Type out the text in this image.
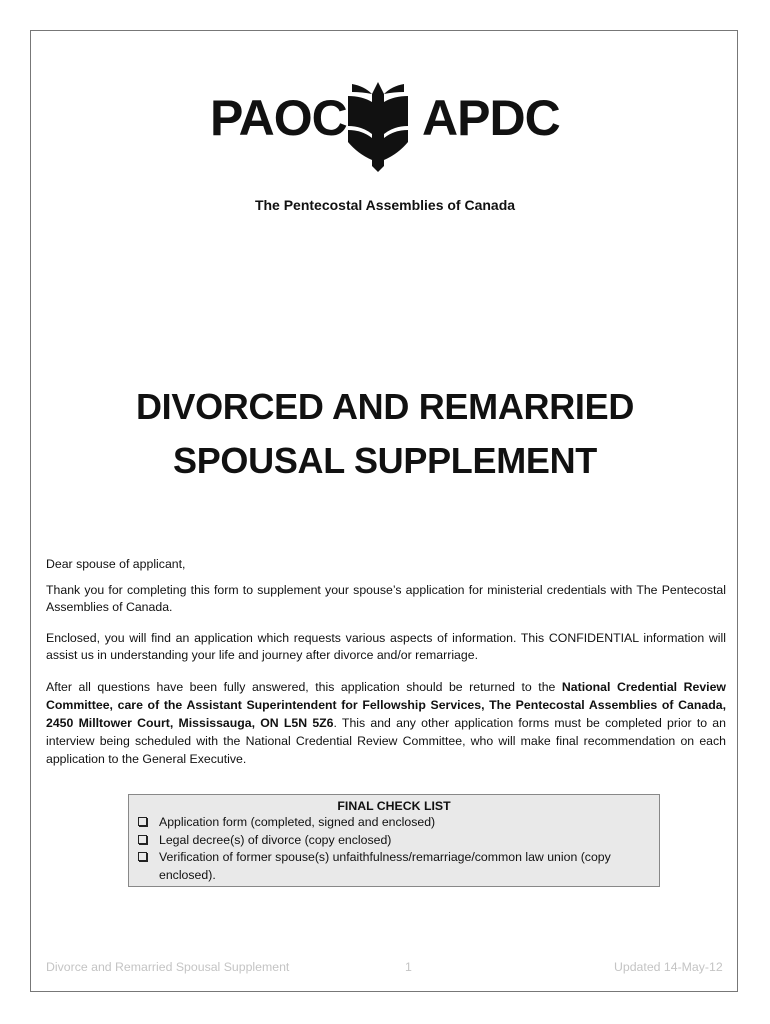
PAOC APDC
The Pentecostal Assemblies of Canada
DIVORCED AND REMARRIED
SPOUSAL SUPPLEMENT

Dear spouse of applicant,

Thank you for completing this form to supplement your spouse’s application for ministerial credentials with The Pentecostal Assemblies of Canada.

Enclosed, you will find an application which requests various aspects of information. This CONFIDENTIAL information will assist us in understanding your life and journey after divorce and/or remarriage.

After all questions have been fully answered, this application should be returned to the National Credential Review Committee, care of the Assistant Superintendent for Fellowship Services, The Pentecostal Assemblies of Canada, 2450 Milltower Court, Mississauga, ON L5N 5Z6. This and any other application forms must be completed prior to an interview being scheduled with the National Credential Review Committee, who will make final recommendation on each application to the General Executive.

FINAL CHECK LIST
Application form (completed, signed and enclosed)
Legal decree(s) of divorce (copy enclosed)
Verification of former spouse(s) unfaithfulness/remarriage/common law union (copy enclosed).
Divorce and Remarried Spousal Supplement	1	Updated 14-May-12
